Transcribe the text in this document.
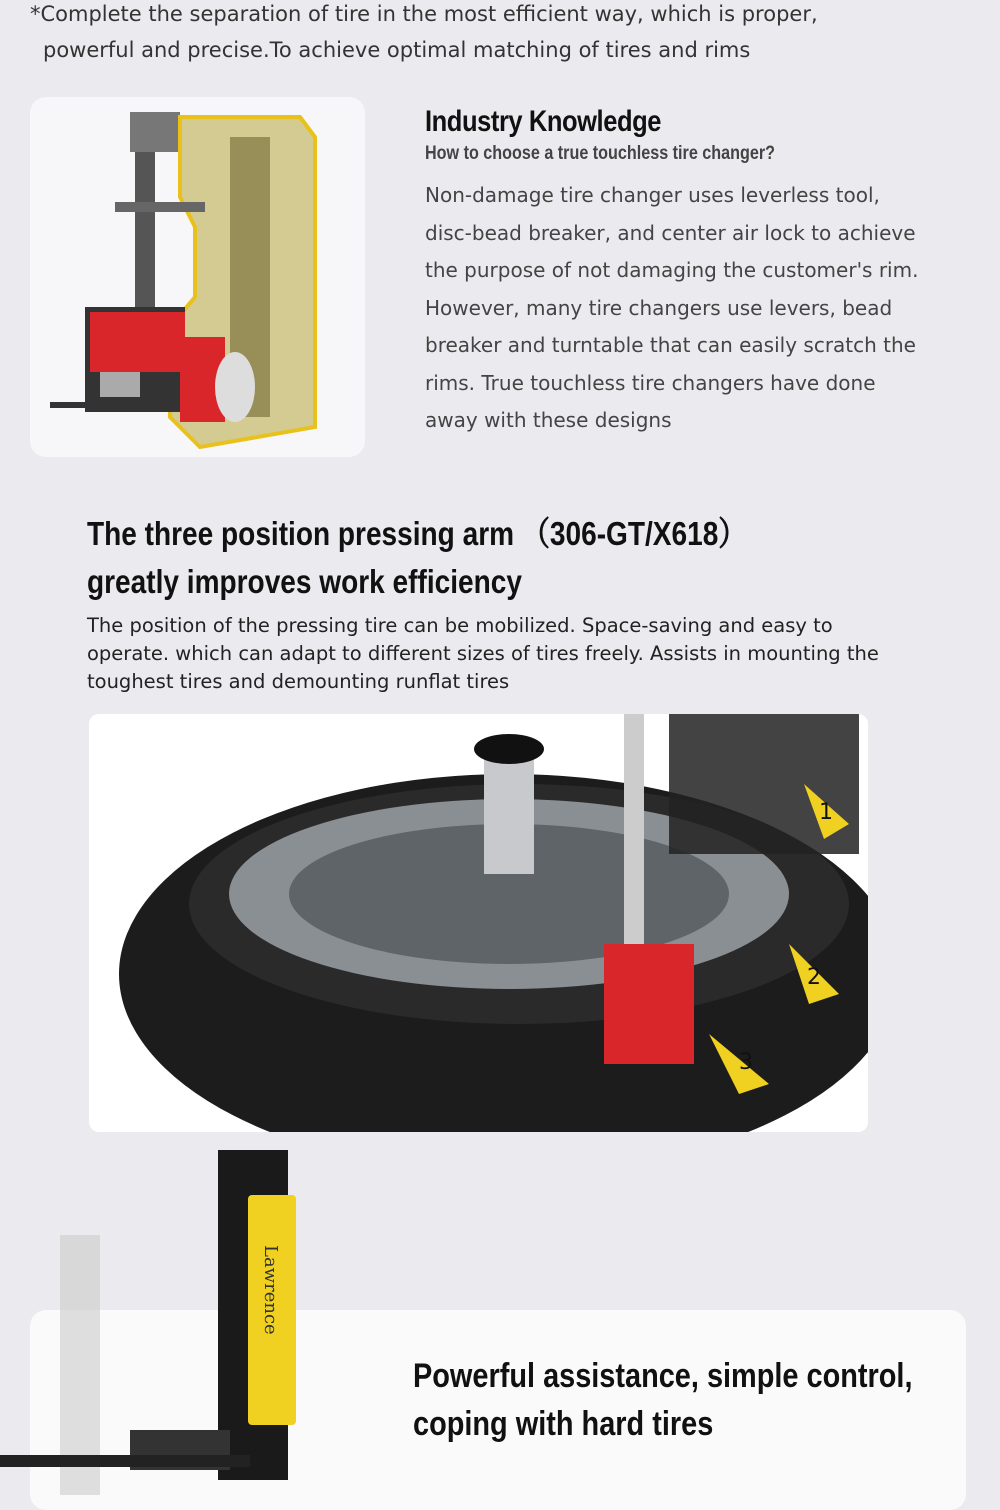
*Complete the separation of tire in the most efficient way, which is proper,
powerful and precise.To achieve optimal matching of tires and rims
Industry Knowledge
How to choose a true touchless tire changer?

Non-damage tire changer uses leverless tool, disc-bead breaker, and center air lock to achieve the purpose of not damaging the customer's rim. However, many tire changers use levers, bead breaker and turntable that can easily scratch the rims. True touchless tire changers have done away with these designs

The three position pressing arm （306-GT/X618）
greatly improves work efficiency

The position of the pressing tire can be mobilized. Space-saving and easy to operate. which can adapt to different sizes of tires freely. Assists in mounting the toughest tires and demounting runflat tires

1
2
3
Lawrence
Powerful assistance, simple control,
coping with hard tires
